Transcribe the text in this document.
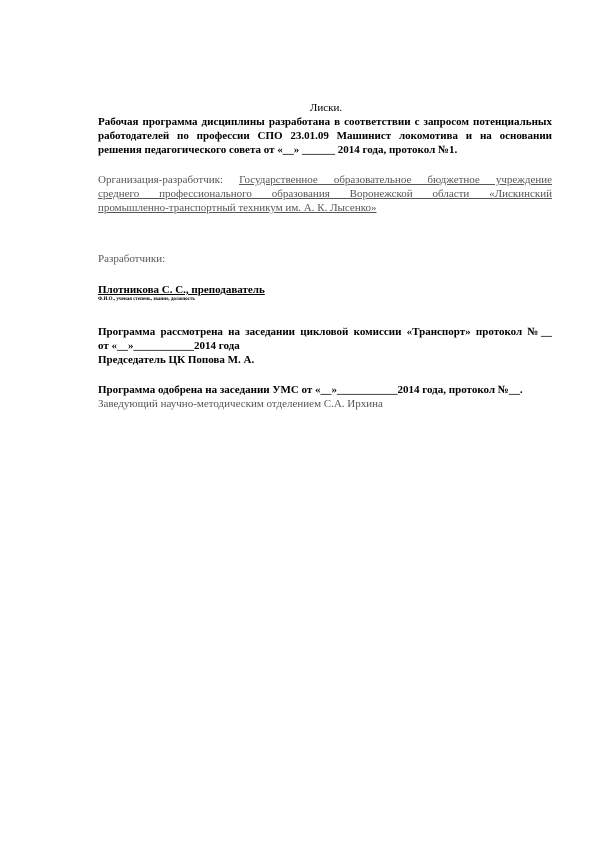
Лиски.
Рабочая программа дисциплины разработана в соответствии с запросом потенциальных
работодателей по профессии СПО 23.01.09 Машинист локомотива и на основании
решения педагогического совета от «__» ______ 2014 года, протокол №1.
Организация-разработчик: Государственное образовательное бюджетное учреждение
среднего профессионального образования Воронежской области «Лискинский
промышленно-транспортный техникум им. А. К. Лысенко»
Разработчики:
Плотникова С. С., преподаватель
Ф.И.О., ученая степень, звание, должность
Программа рассмотрена на заседании цикловой комиссии «Транспорт» протокол №__
от «__»___________2014 года
Председатель ЦК Попова М. А.
Программа одобрена на заседании УМС от «__»___________2014 года, протокол №__.
Заведующий научно-методическим отделением С.А. Ирхина
